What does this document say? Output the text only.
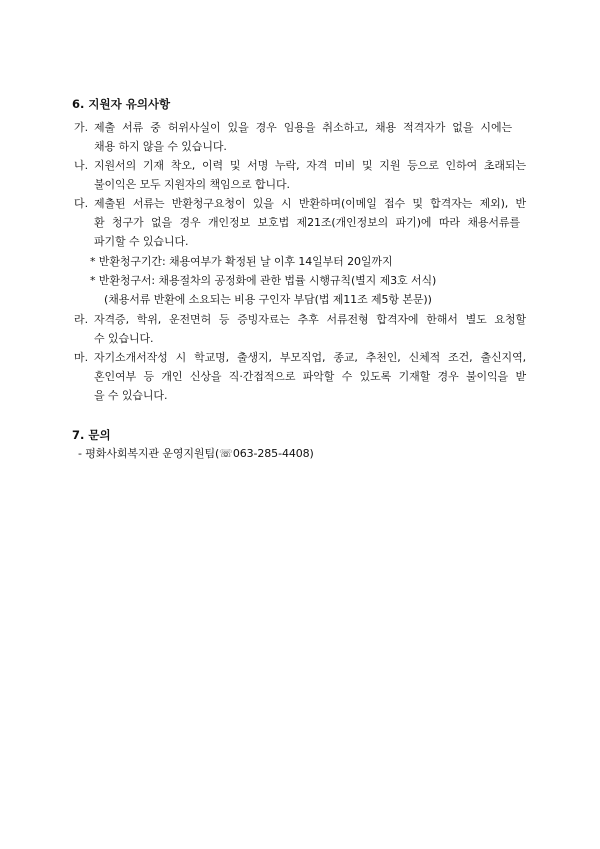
6. 지원자 유의사항
가. 제출 서류 중 허위사실이 있을 경우 임용을 취소하고, 채용 적격자가 없을 시에는
채용 하지 않을 수 있습니다.
나. 지원서의 기재 착오, 이력 및 서명 누락, 자격 미비 및 지원 등으로 인하여 초래되는
불이익은 모두 지원자의 책임으로 합니다.
다. 제출된 서류는 반환청구요청이 있을 시 반환하며(이메일 접수 및 합격자는 제외), 반
환 청구가 없을 경우 개인정보 보호법 제21조(개인정보의 파기)에 따라 채용서류를
파기할 수 있습니다.
* 반환청구기간: 채용여부가 확정된 날 이후 14일부터 20일까지
* 반환청구서: 채용절차의 공정화에 관한 법률 시행규칙(별지 제3호 서식)
(채용서류 반환에 소요되는 비용 구인자 부담(법 제11조 제5항 본문))
라. 자격증, 학위, 운전면허 등 증빙자료는 추후 서류전형 합격자에 한해서 별도 요청할
수 있습니다.
마. 자기소개서작성 시 학교명, 출생지, 부모직업, 종교, 추천인, 신체적 조건, 출신지역,
혼인여부 등 개인 신상을 직·간접적으로 파악할 수 있도록 기재할 경우 불이익을 받
을 수 있습니다.
7. 문의
- 평화사회복지관 운영지원팀(☏063-285-4408)
